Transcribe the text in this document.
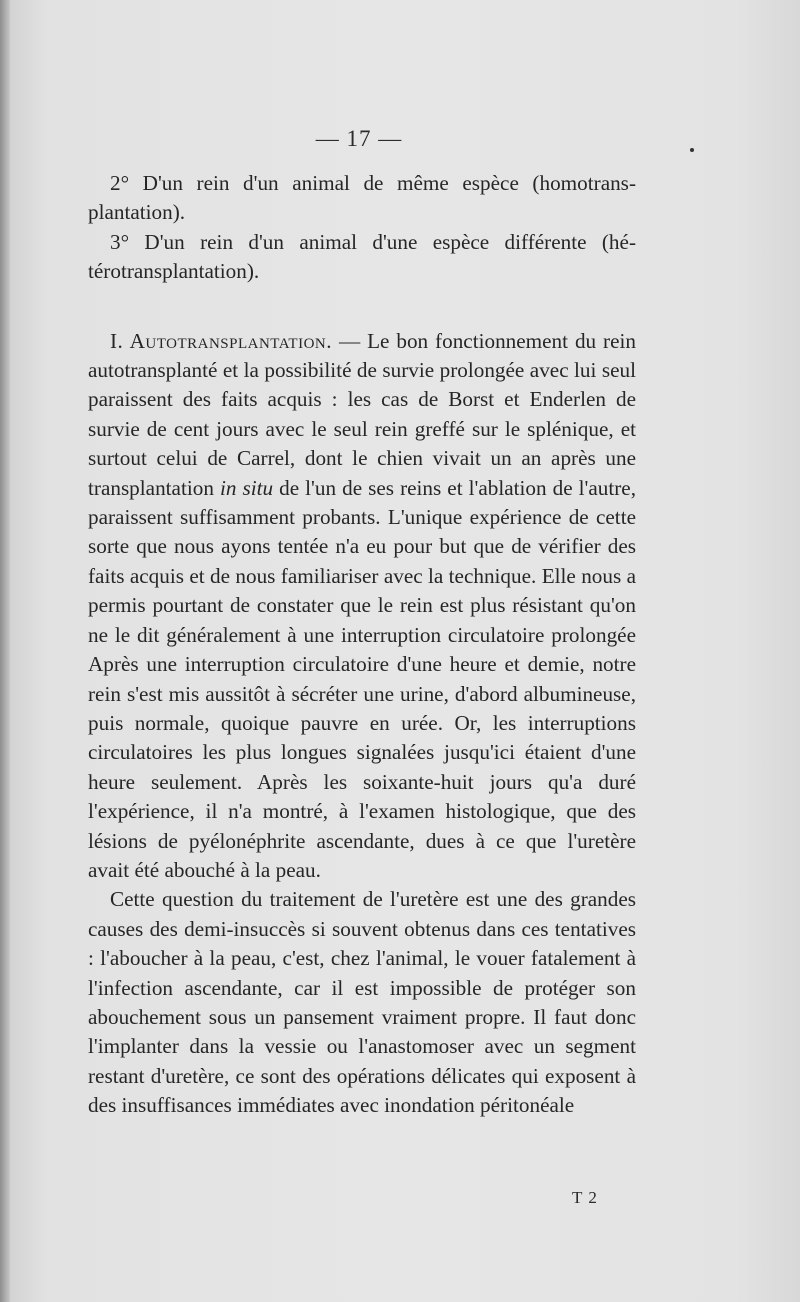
— 17 —

2° D'un rein d'un animal de même espèce (homotransplantation).

3° D'un rein d'un animal d'une espèce différente (hétérotransplantation).

I. Autotransplantation. — Le bon fonctionnement du rein autotransplanté et la possibilité de survie prolongée avec lui seul paraissent des faits acquis : les cas de Borst et Enderlen de survie de cent jours avec le seul rein greffé sur le splénique, et surtout celui de Carrel, dont le chien vivait un an après une transplantation in situ de l'un de ses reins et l'ablation de l'autre, paraissent suffisamment probants. L'unique expérience de cette sorte que nous ayons tentée n'a eu pour but que de vérifier des faits acquis et de nous familiariser avec la technique. Elle nous a permis pourtant de constater que le rein est plus résistant qu'on ne le dit généralement à une interruption circulatoire prolongée Après une interruption circulatoire d'une heure et demie, notre rein s'est mis aussitôt à sécréter une urine, d'abord albumineuse, puis normale, quoique pauvre en urée. Or, les interruptions circulatoires les plus longues signalées jusqu'ici étaient d'une heure seulement. Après les soixante-huit jours qu'a duré l'expérience, il n'a montré, à l'examen histologique, que des lésions de pyélonéphrite ascendante, dues à ce que l'uretère avait été abouché à la peau.

Cette question du traitement de l'uretère est une des grandes causes des demi-insuccès si souvent obtenus dans ces tentatives : l'aboucher à la peau, c'est, chez l'animal, le vouer fatalement à l'infection ascendante, car il est impossible de protéger son abouchement sous un pansement vraiment propre. Il faut donc l'implanter dans la vessie ou l'anastomoser avec un segment restant d'uretère, ce sont des opérations délicates qui exposent à des insuffisances immédiates avec inondation péritonéale

T 2
